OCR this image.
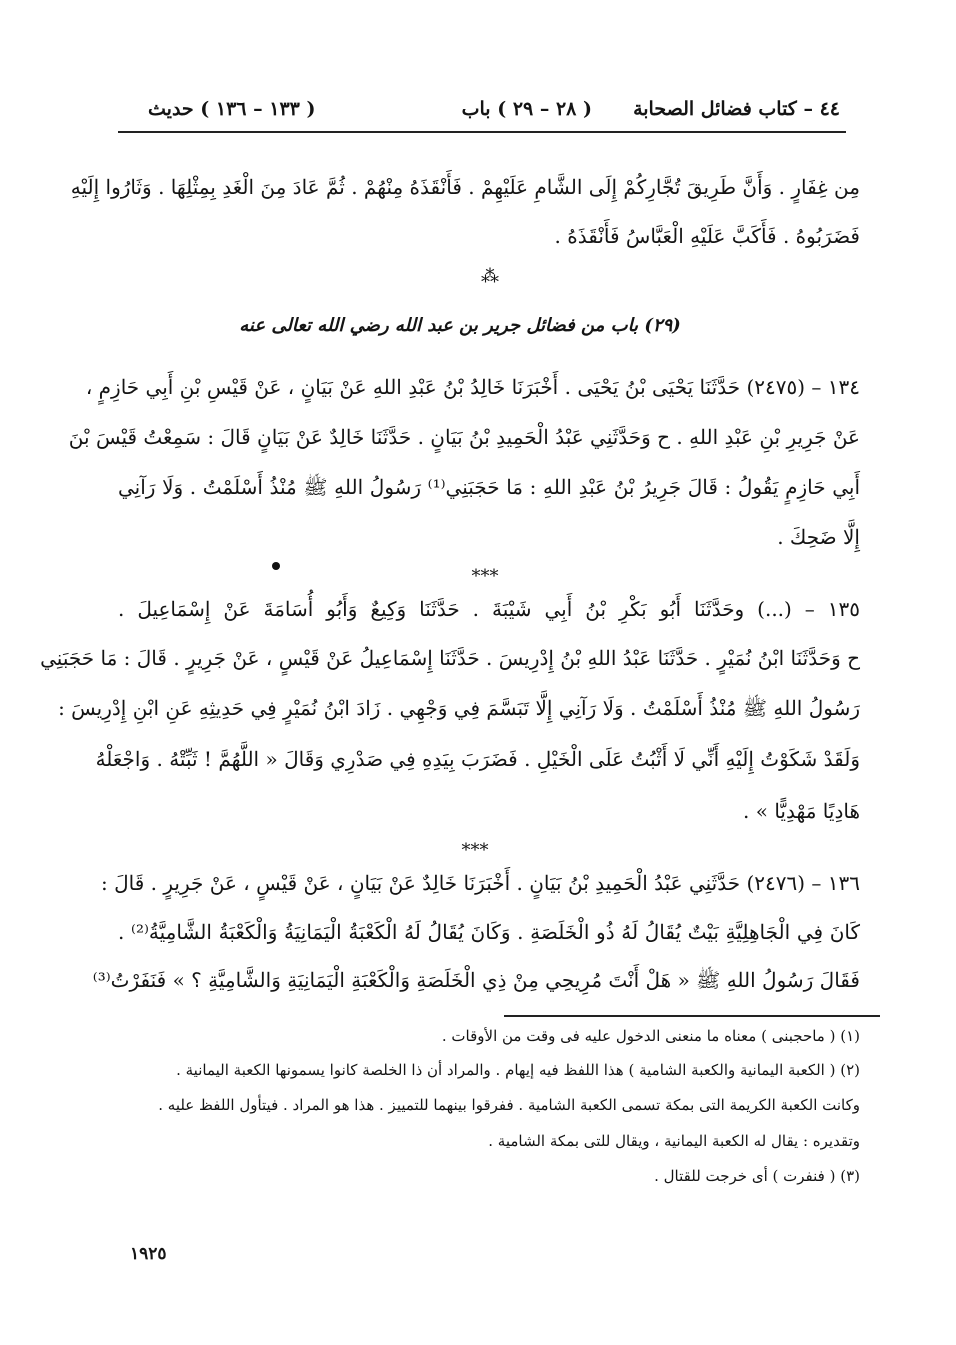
٤٤ – كتاب فضائل الصحابة
( ٢٨ – ٢٩ ) باب
( ١٣٣ – ١٣٦ ) حديث
مِن غِفَارٍ . وَأَنَّ طَرِيقَ تُجَّارِكُمْ إِلَى الشَّامِ عَلَيْهِمْ . فَأَنْقَذَهُ مِنْهُمْ . ثُمَّ عَادَ مِنَ الْغَدِ بِمِثْلِهَا . وَثَارُوا إِلَيْهِ
فَضَرَبُوهُ . فَأَكَبَّ عَلَيْهِ الْعَبَّاسُ فَأَنْقَذَهُ .
⁂
(٢٩) باب من فضائل جرير بن عبد الله رضي الله تعالى عنه
١٣٤ – (٢٤٧٥) حَدَّثَنَا يَحْيَى بْنُ يَحْيَى . أَخْبَرَنَا خَالِدُ بْنُ عَبْدِ اللهِ عَنْ بَيَانٍ ، عَنْ قَيْسِ بْنِ أَبِي حَازِمٍ ،
عَنْ جَرِيرِ بْنِ عَبْدِ اللهِ . ح وَحَدَّثَنِي عَبْدُ الْحَمِيدِ بْنُ بَيَانٍ . حَدَّثَنَا خَالِدٌ عَنْ بَيَانٍ قَالَ : سَمِعْتُ قَيْسَ بْنَ
أَبِي حَازِمٍ يَقُولُ : قَالَ جَرِيرُ بْنُ عَبْدِ اللهِ : مَا حَجَبَنِي⁽¹⁾ رَسُولُ اللهِ ﷺ مُنْذُ أَسْلَمْتُ . وَلَا رَآنِي
إِلَّا ضَحِكَ .
***
١٣٥ – (...) وحَدَّثَنَا أَبُو بَكْرِ بْنُ أَبِي شَيْبَةَ . حَدَّثَنَا وَكِيعٌ وَأَبُو أُسَامَةَ عَنْ إِسْمَاعِيلَ .
ح وَحَدَّثَنَا ابْنُ نُمَيْرٍ . حَدَّثَنَا عَبْدُ اللهِ بْنُ إِدْرِيسَ . حَدَّثَنَا إِسْمَاعِيلُ عَنْ قَيْسٍ ، عَنْ جَرِيرٍ . قَالَ : مَا حَجَبَنِي
رَسُولُ اللهِ ﷺ مُنْذُ أَسْلَمْتُ . وَلَا رَآنِي إِلَّا تَبَسَّمَ فِي وَجْهِي . زَادَ ابْنُ نُمَيْرٍ فِي حَدِيثِهِ عَنِ ابْنِ إِدْرِيسَ :
وَلَقَدْ شَكَوْتُ إِلَيْهِ أَنِّي لَا أَثْبُتُ عَلَى الْخَيْلِ . فَضَرَبَ بِيَدِهِ فِي صَدْرِي وَقَالَ « اللَّهُمَّ ! ثَبِّتْهُ . وَاجْعَلْهُ
هَادِيًا مَهْدِيًّا » .
***
١٣٦ – (٢٤٧٦) حَدَّثَنِي عَبْدُ الْحَمِيدِ بْنُ بَيَانٍ . أَخْبَرَنَا خَالِدٌ عَنْ بَيَانٍ ، عَنْ قَيْسٍ ، عَنْ جَرِيرٍ . قَالَ :
كَانَ فِي الْجَاهِلِيَّةِ بَيْتٌ يُقَالُ لَهُ ذُو الْخَلَصَةِ . وَكَانَ يُقَالُ لَهُ الْكَعْبَةُ الْيَمَانِيَةُ وَالْكَعْبَةُ الشَّامِيَّةُ⁽²⁾ .
فَقَالَ رَسُولُ اللهِ ﷺ « هَلْ أَنْتَ مُرِيحِي مِنْ ذِي الْخَلَصَةِ وَالْكَعْبَةِ الْيَمَانِيَةِ وَالشَّامِيَّةِ ؟ » فَنَفَرْتُ⁽³⁾
(١) ( ماحجبنى ) معناه ما منعنى الدخول عليه فى وقت من الأوقات .
(٢) ( الكعبة اليمانية والكعبة الشامية ) هذا اللفظ فيه إيهام . والمراد أن ذا الخلصة كانوا يسمونها الكعبة اليمانية .
وكانت الكعبة الكريمة التى بمكة تسمى الكعبة الشامية . ففرقوا بينهما للتمييز . هذا هو المراد . فيتأول اللفظ عليه .
وتقديره : يقال له الكعبة اليمانية ، ويقال للتى بمكة الشامية .
(٣) ( فنفرت ) أى خرجت للقتال .
١٩٢٥
